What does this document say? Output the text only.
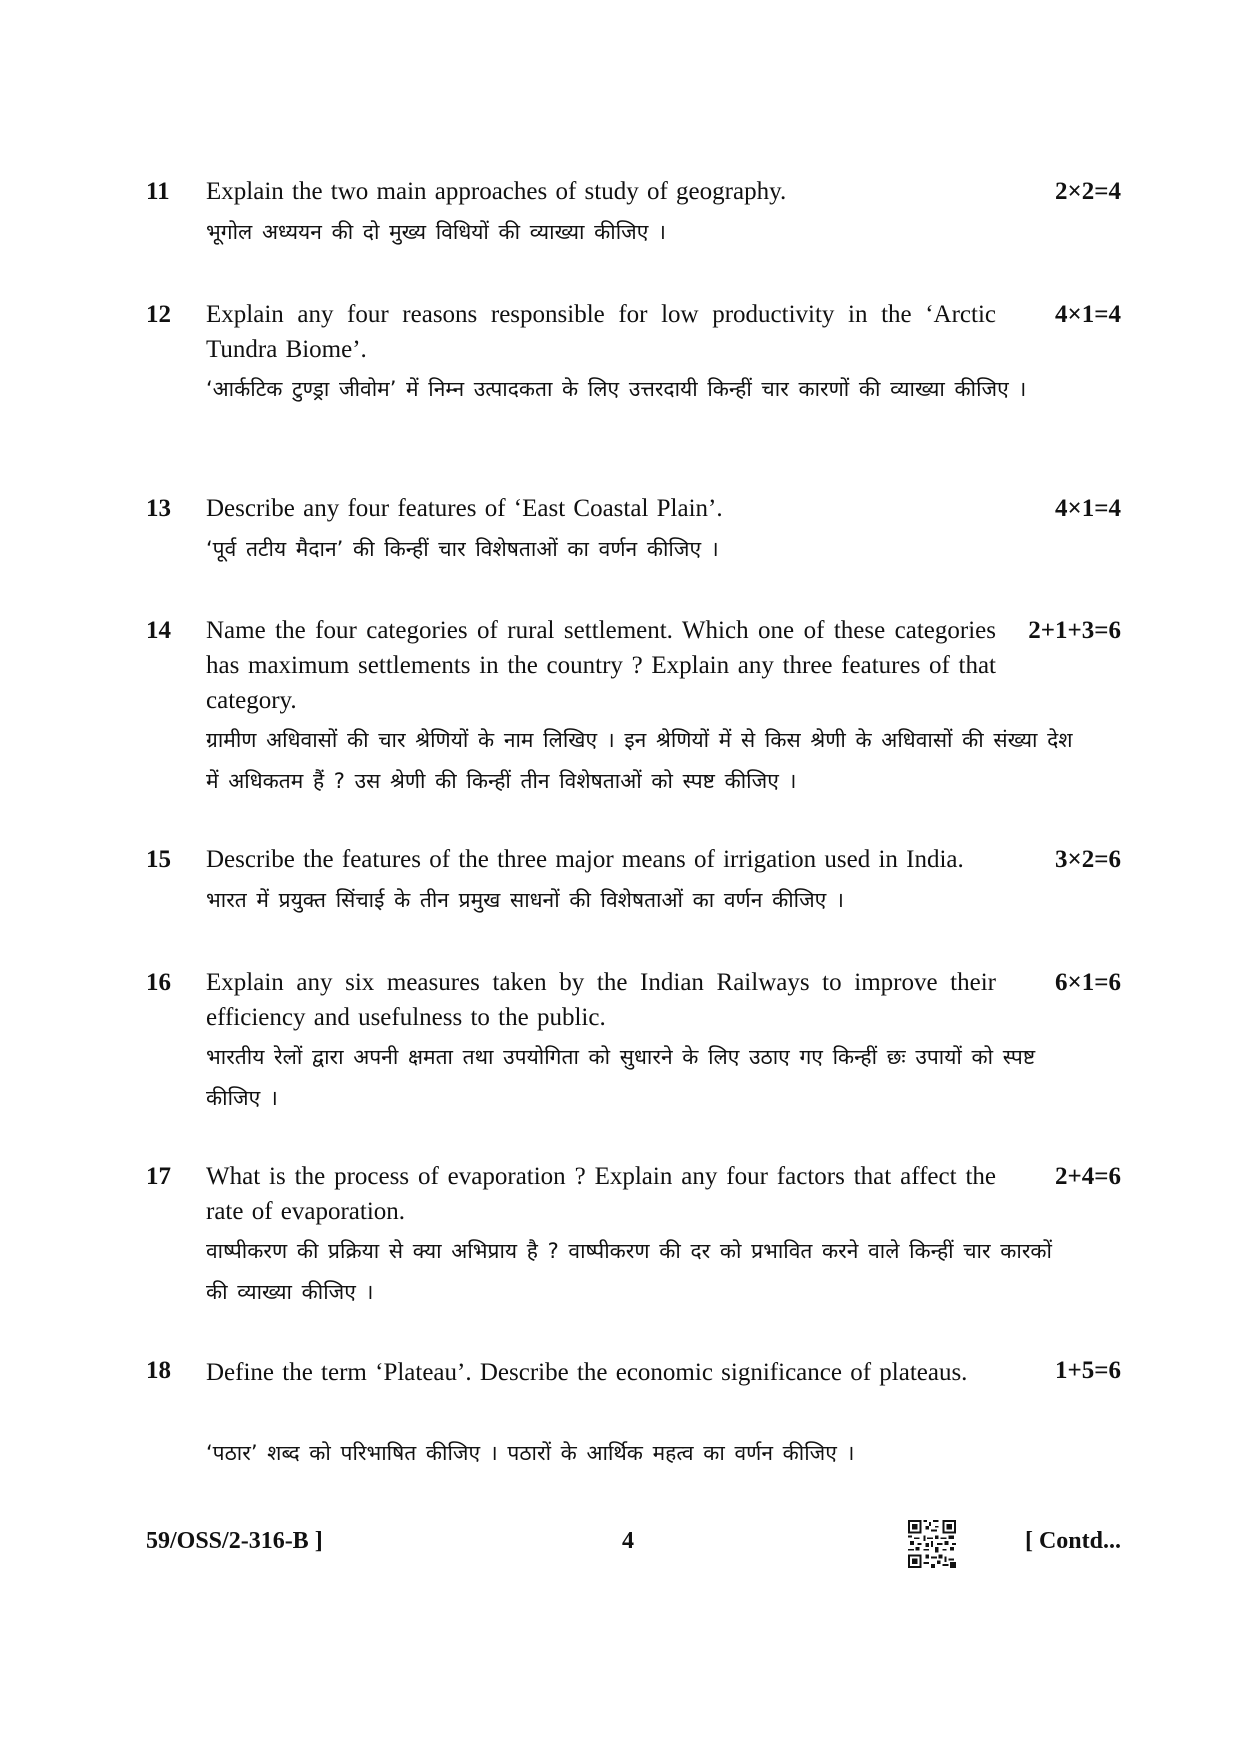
11 Explain the two main approaches of study of geography.	2×2=4
भूगोल अध्ययन की दो मुख्य विधियों की व्याख्या कीजिए ।
12 Explain any four reasons responsible for low productivity in the ‘Arctic Tundra Biome’.
4×1=4
‘आर्कटिक टुण्ड्रा जीवोम’ में निम्न उत्पादकता के लिए उत्तरदायी किन्हीं चार कारणों की व्याख्या कीजिए ।
13 Describe any four features of ‘East Coastal Plain’.	4×1=4
‘पूर्व तटीय मैदान’ की किन्हीं चार विशेषताओं का वर्णन कीजिए ।
14 Name the four categories of rural settlement. Which one of these categories has maximum settlements in the country ? Explain any three features of that category.
2+1+3=6
ग्रामीण अधिवासों की चार श्रेणियों के नाम लिखिए । इन श्रेणियों में से किस श्रेणी के अधिवासों की संख्या देश में अधिकतम हैं ? उस श्रेणी की किन्हीं तीन विशेषताओं को स्पष्ट कीजिए ।
15 Describe the features of the three major means of irrigation used in India.	3×2=6
भारत में प्रयुक्त सिंचाई के तीन प्रमुख साधनों की विशेषताओं का वर्णन कीजिए ।
16 Explain any six measures taken by the Indian Railways to improve their efficiency and usefulness to the public.
6×1=6
भारतीय रेलों द्वारा अपनी क्षमता तथा उपयोगिता को सुधारने के लिए उठाए गए किन्हीं छः उपायों को स्पष्ट कीजिए ।
17 What is the process of evaporation ? Explain any four factors that affect the rate of evaporation.
2+4=6
वाष्पीकरण की प्रक्रिया से क्या अभिप्राय है ? वाष्पीकरण की दर को प्रभावित करने वाले किन्हीं चार कारकों की व्याख्या कीजिए ।
18 Define the term ‘Plateau’. Describe the economic significance of plateaus.	1+5=6
‘पठार’ शब्द को परिभाषित कीजिए । पठारों के आर्थिक महत्व का वर्णन कीजिए ।
59/OSS/2-316-B ]	4	[ Contd...
